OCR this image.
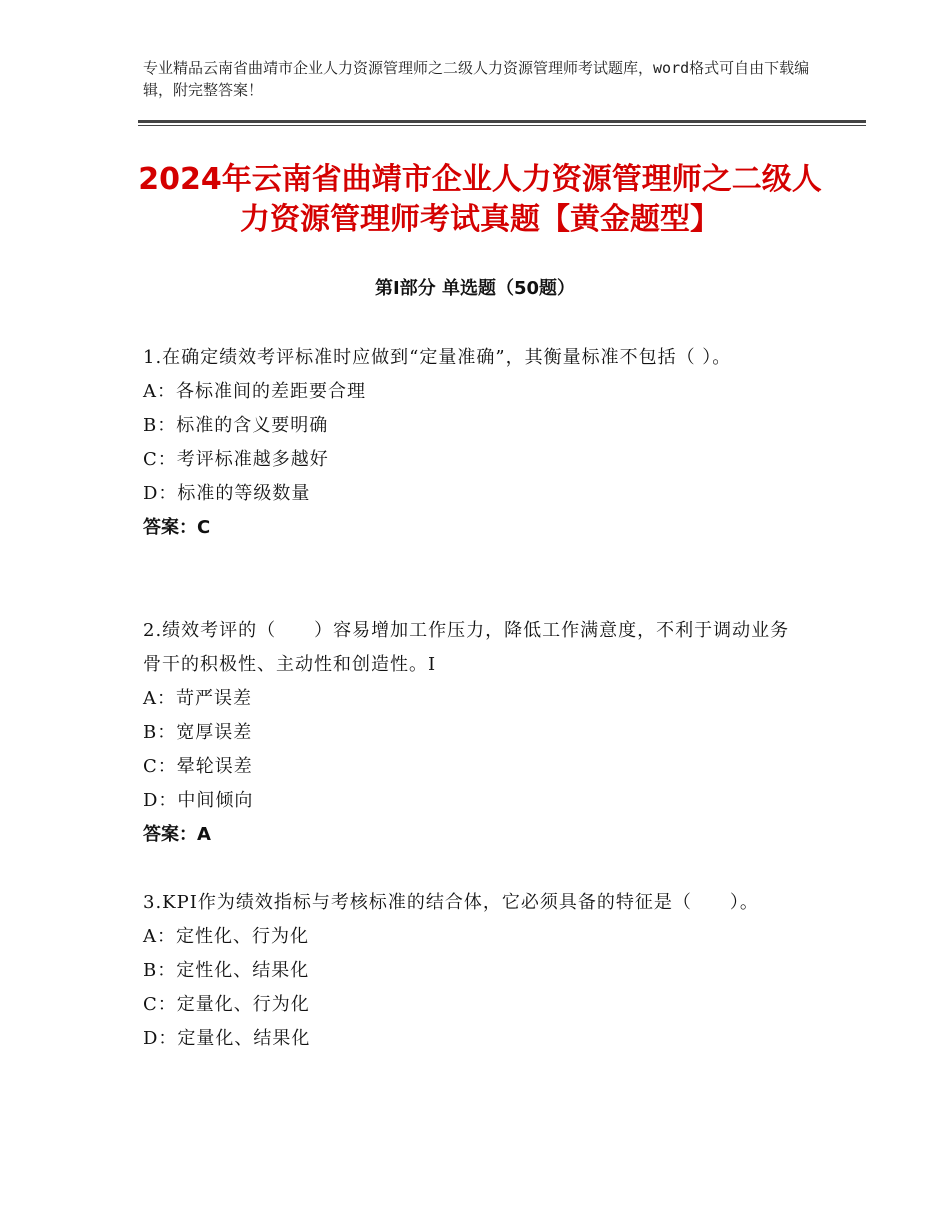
专业精品云南省曲靖市企业人力资源管理师之二级人力资源管理师考试题库，word格式可自由下载编辑，附完整答案！
2024年云南省曲靖市企业人力资源管理师之二级人力资源管理师考试真题【黄金题型】
第Ⅰ部分 单选题（50题）
1.在确定绩效考评标准时应做到“定量准确”，其衡量标准不包括（ ）。
A：各标准间的差距要合理
B：标准的含义要明确
C：考评标准越多越好
D：标准的等级数量
答案：C
2.绩效考评的（　　）容易增加工作压力，降低工作满意度，不利于调动业务骨干的积极性、主动性和创造性。I
A：苛严误差
B：宽厚误差
C：晕轮误差
D：中间倾向
答案：A
3.KPI作为绩效指标与考核标准的结合体，它必须具备的特征是（　　）。
A：定性化、行为化
B：定性化、结果化
C：定量化、行为化
D：定量化、结果化
